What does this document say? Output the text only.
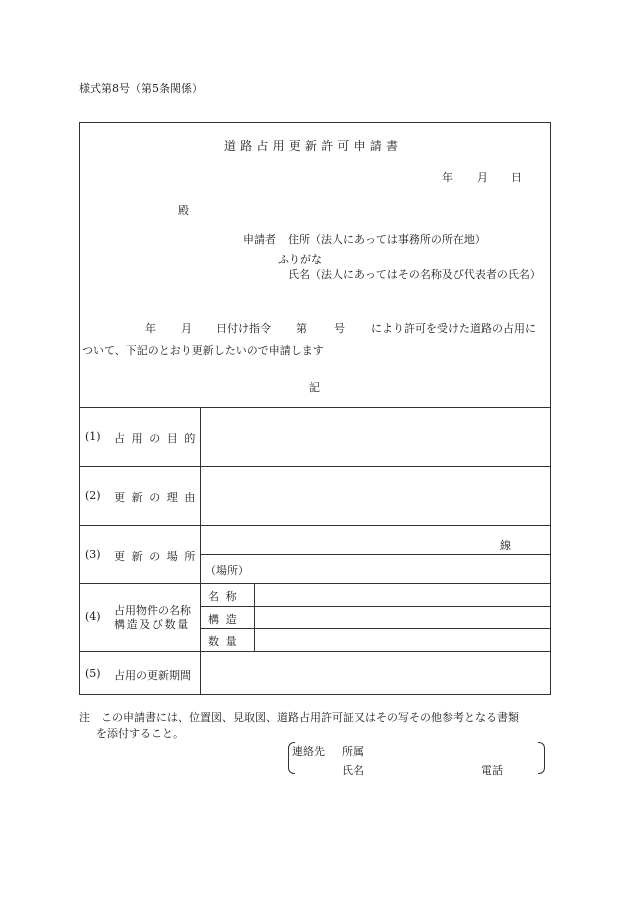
様式第8号（第5条関係）
道路占用更新許可申請書
年 月 日
殿
申請者 住所（法人にあっては事務所の所在地）
ふりがな
氏名（法人にあってはその名称及び代表者の氏名）
年 月 日付け指令 第 号 により許可を受けた道路の占用に
ついて、下記のとおり更新したいので申請します
記
(1) 占用の目的
(2) 更新の理由
(3) 更新の場所
線
（場所）
(4) 占用物件の名称
構造及び数量
名称
構造
数量
(5) 占用の更新期間
注　この申請書には、位置図、見取図、道路占用許可証又はその写その他参考となる書類
を添付すること。
連絡先 所属
氏名	電話
